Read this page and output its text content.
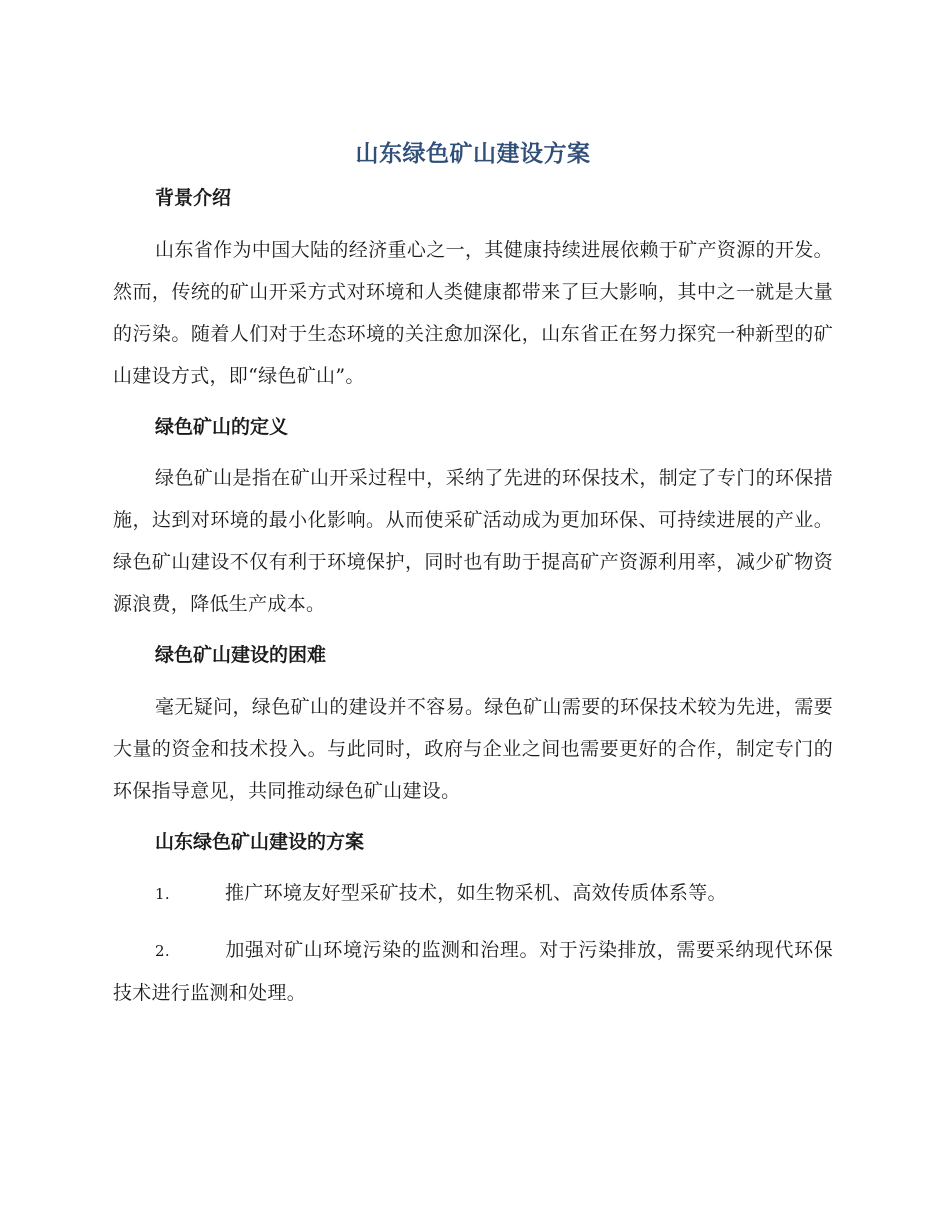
山东绿色矿山建设方案
背景介绍

山东省作为中国大陆的经济重心之一，其健康持续进展依赖于矿产资源的开发。然而，传统的矿山开采方式对环境和人类健康都带来了巨大影响，其中之一就是大量的污染。随着人们对于生态环境的关注愈加深化，山东省正在努力探究一种新型的矿山建设方式，即“绿色矿山”。

绿色矿山的定义

绿色矿山是指在矿山开采过程中，采纳了先进的环保技术，制定了专门的环保措施，达到对环境的最小化影响。从而使采矿活动成为更加环保、可持续进展的产业。绿色矿山建设不仅有利于环境保护，同时也有助于提高矿产资源利用率，减少矿物资源浪费，降低生产成本。

绿色矿山建设的困难

毫无疑问，绿色矿山的建设并不容易。绿色矿山需要的环保技术较为先进，需要大量的资金和技术投入。与此同时，政府与企业之间也需要更好的合作，制定专门的环保指导意见，共同推动绿色矿山建设。

山东绿色矿山建设的方案
1.	推广环境友好型采矿技术，如生物采机、高效传质体系等。
2.	加强对矿山环境污染的监测和治理。对于污染排放，需要采纳现代环保技术进行监测和处理。
